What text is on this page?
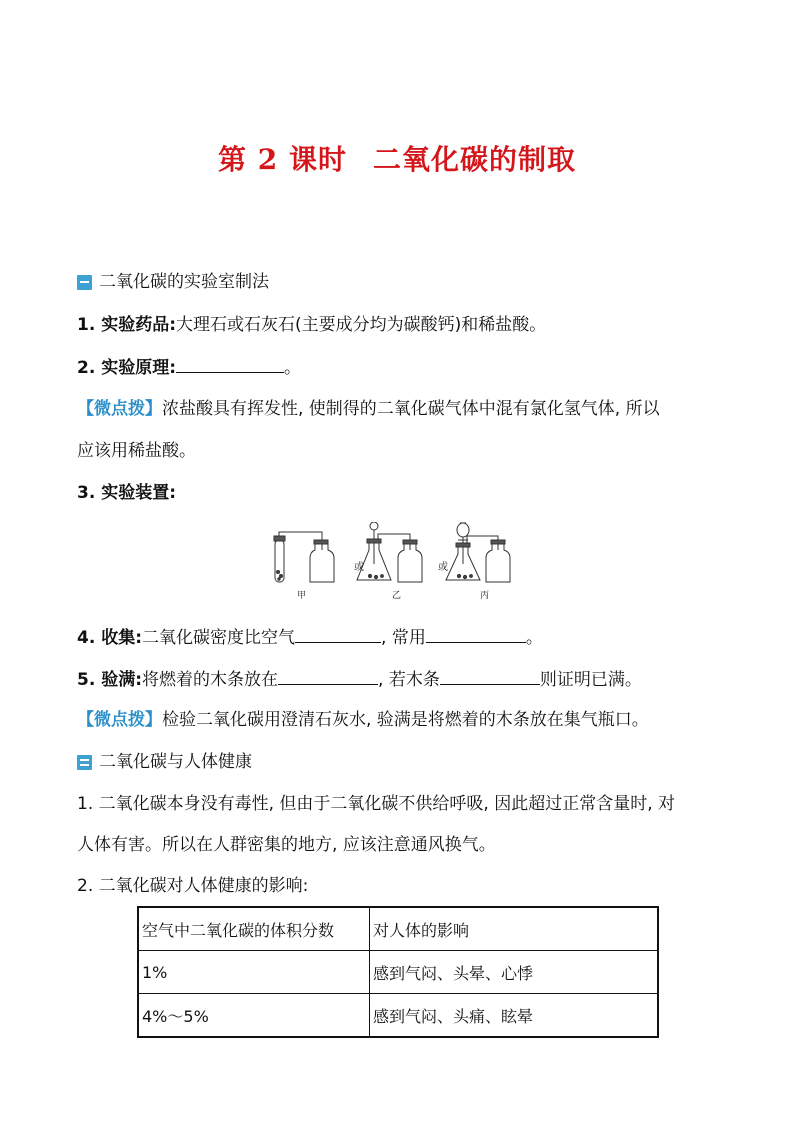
第 2 课时 二氧化碳的制取
二氧化碳的实验室制法
1. 实验药品:大理石或石灰石(主要成分均为碳酸钙)和稀盐酸。
2. 实验原理:	。
【微点拨】浓盐酸具有挥发性, 使制得的二氧化碳气体中混有氯化氢气体, 所以
应该用稀盐酸。
3. 实验装置:
或	或
甲	乙	丙
4. 收集:二氧化碳密度比空气	, 常用	。
5. 验满:将燃着的木条放在	, 若木条	则证明已满。
【微点拨】检验二氧化碳用澄清石灰水, 验满是将燃着的木条放在集气瓶口。
二氧化碳与人体健康
1. 二氧化碳本身没有毒性, 但由于二氧化碳不供给呼吸, 因此超过正常含量时, 对
人体有害。所以在人群密集的地方, 应该注意通风换气。
2. 二氧化碳对人体健康的影响:
空气中二氧化碳的体积分数	对人体的影响
1%	感到气闷、头晕、心悸
4%～5%	感到气闷、头痛、眩晕
